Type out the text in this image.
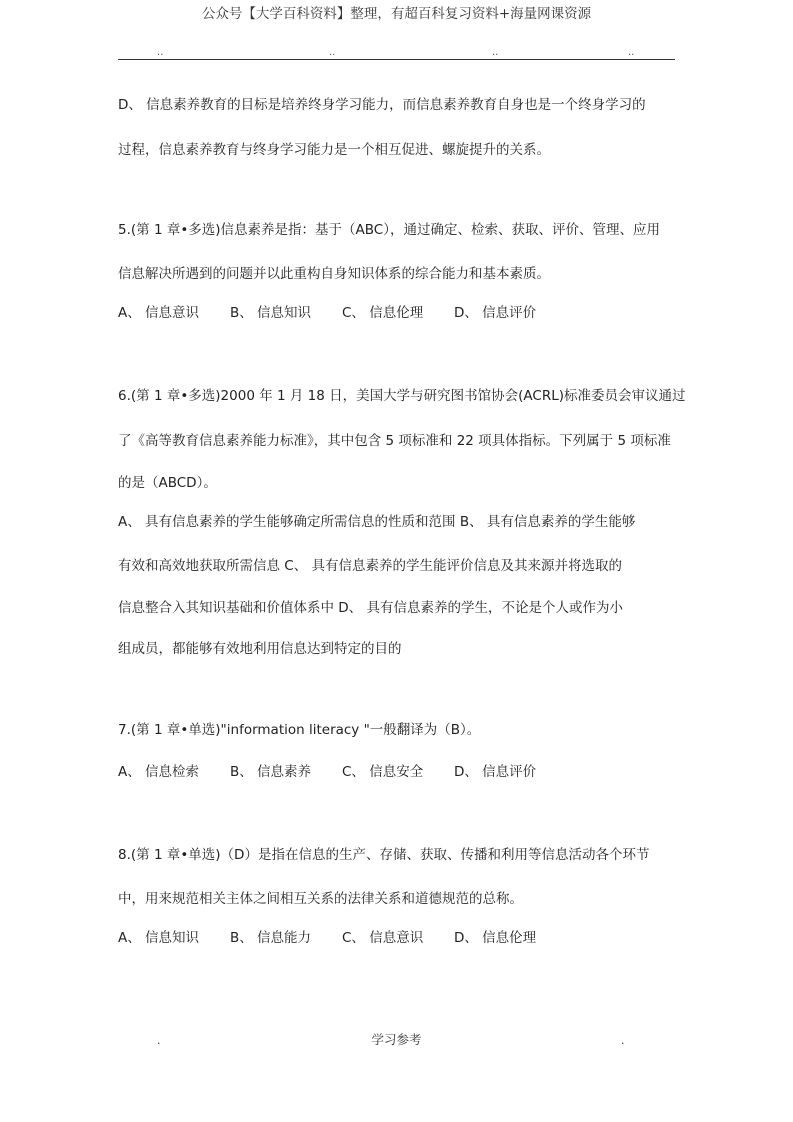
公众号【大学百科资料】整理，有超百科复习资料+海量网课资源
..	..	..	..
D、 信息素养教育的目标是培养终身学习能力，而信息素养教育自身也是一个终身学习的
过程，信息素养教育与终身学习能力是一个相互促进、螺旋提升的关系。
5.(第 1 章•多选)信息素养是指：基于（ABC），通过确定、检索、获取、评价、管理、应用
信息解决所遇到的问题并以此重构自身知识体系的综合能力和基本素质。
A、 信息意识 B、 信息知识 C、 信息伦理 D、 信息评价
6.(第 1 章•多选)2000 年 1 月 18 日，美国大学与研究图书馆协会(ACRL)标准委员会审议通过
了《高等教育信息素养能力标准》，其中包含 5 项标准和 22 项具体指标。下列属于 5 项标准
的是（ABCD）。
A、 具有信息素养的学生能够确定所需信息的性质和范围 B、 具有信息素养的学生能够
有效和高效地获取所需信息 C、 具有信息素养的学生能评价信息及其来源并将选取的
信息整合入其知识基础和价值体系中 D、 具有信息素养的学生，不论是个人或作为小
组成员，都能够有效地利用信息达到特定的目的
7.(第 1 章•单选)"information literacy "一般翻译为（B）。
A、 信息检索 B、 信息素养 C、 信息安全 D、 信息评价
8.(第 1 章•单选)（D）是指在信息的生产、存储、获取、传播和利用等信息活动各个环节
中，用来规范相关主体之间相互关系的法律关系和道德规范的总称。
A、 信息知识 B、 信息能力 C、 信息意识 D、 信息伦理
.	学习参考	.
